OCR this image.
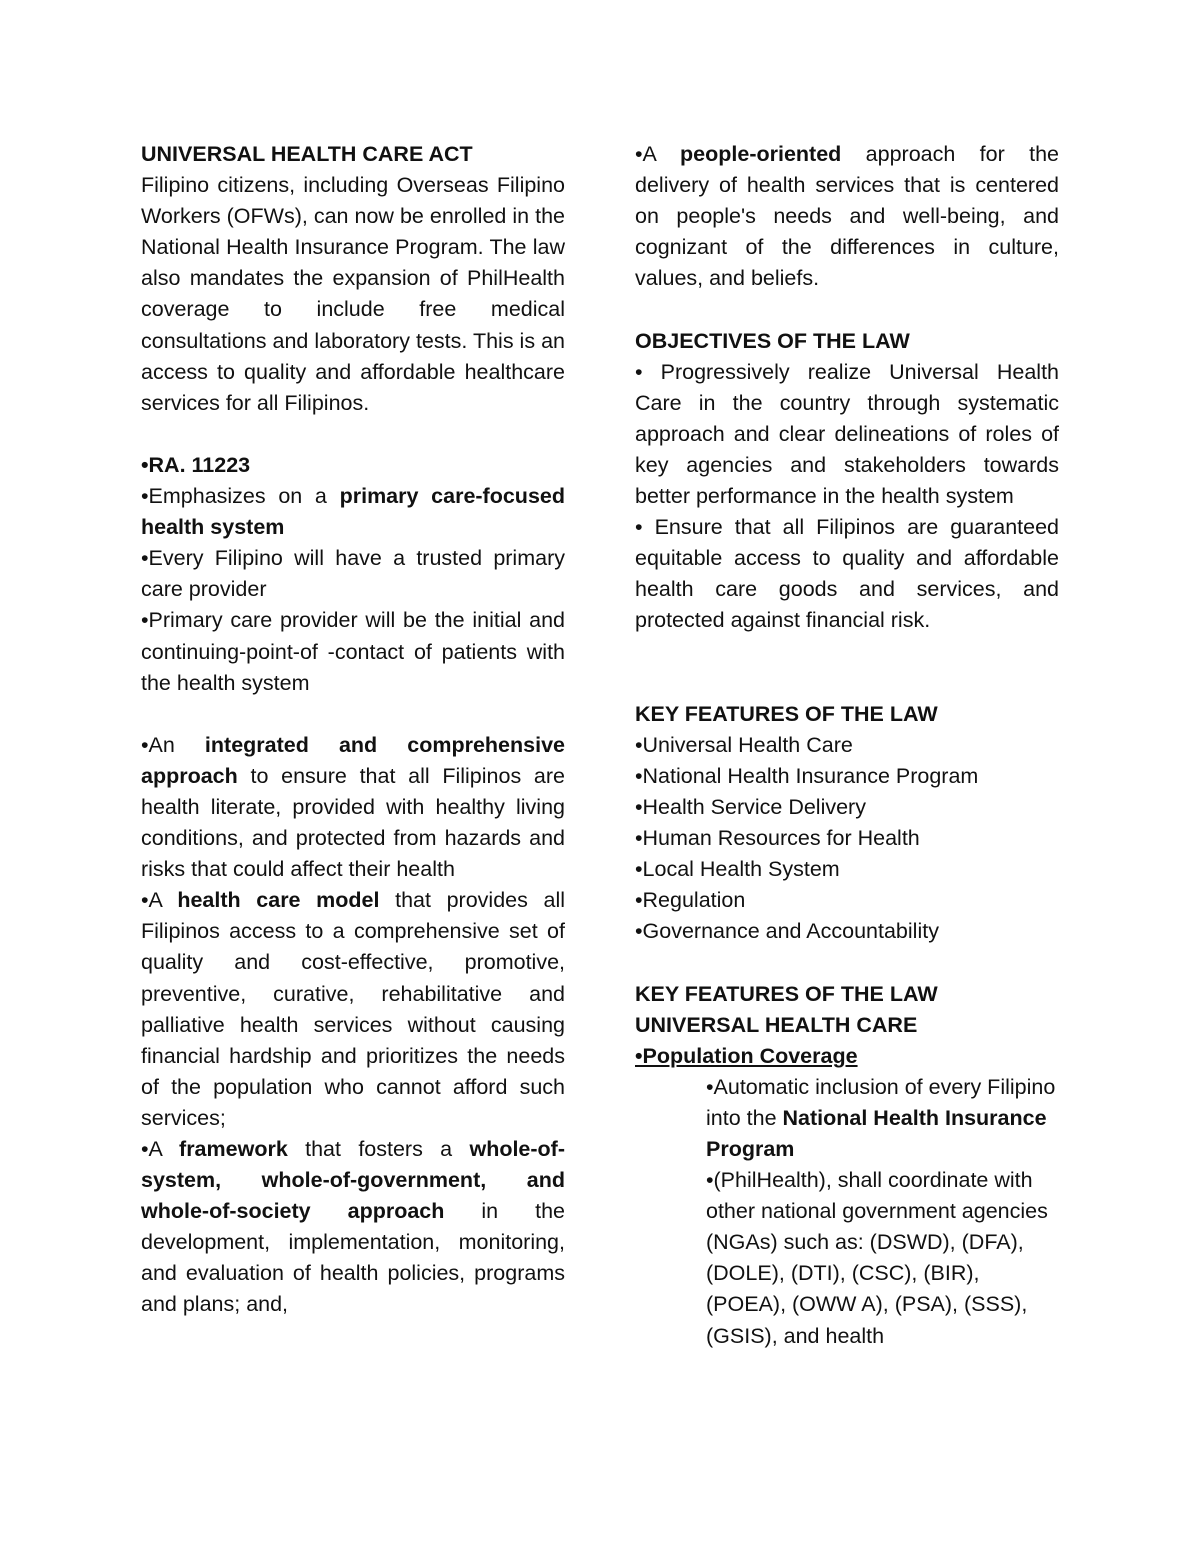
UNIVERSAL HEALTH CARE ACT

Filipino citizens, including Overseas Filipino Workers (OFWs), can now be enrolled in the National Health Insurance Program. The law also mandates the expansion of PhilHealth coverage to include free medical consultations and laboratory tests. This is an access to quality and affordable healthcare services for all Filipinos.

•RA. 11223

•Emphasizes on a primary care-focused health system

•Every Filipino will have a trusted primary care provider

•Primary care provider will be the initial and continuing-point-of -contact of patients with the health system

•An integrated and comprehensive approach to ensure that all Filipinos are health literate, provided with healthy living conditions, and protected from hazards and risks that could affect their health

•A health care model that provides all Filipinos access to a comprehensive set of quality and cost-effective, promotive, preventive, curative, rehabilitative and palliative health services without causing financial hardship and prioritizes the needs of the population who cannot afford such services;

•A framework that fosters a whole-of-system, whole-of-government, and whole-of-society approach in the development, implementation, monitoring, and evaluation of health policies, programs and plans; and,

•A people-oriented approach for the delivery of health services that is centered on people's needs and well-being, and cognizant of the differences in culture, values, and beliefs.

OBJECTIVES OF THE LAW

• Progressively realize Universal Health Care in the country through systematic approach and clear delineations of roles of key agencies and stakeholders towards better performance in the health system

• Ensure that all Filipinos are guaranteed equitable access to quality and affordable health care goods and services, and protected against financial risk.

KEY FEATURES OF THE LAW

•Universal Health Care

•National Health Insurance Program

•Health Service Delivery

•Human Resources for Health

•Local Health System

•Regulation

•Governance and Accountability

KEY FEATURES OF THE LAW

UNIVERSAL HEALTH CARE

•Population Coverage

•Automatic inclusion of every Filipino into the National Health Insurance Program

•(PhilHealth), shall coordinate with other national government agencies (NGAs) such as: (DSWD), (DFA), (DOLE), (DTI), (CSC), (BIR), (POEA), (OWW A), (PSA), (SSS), (GSIS), and health
